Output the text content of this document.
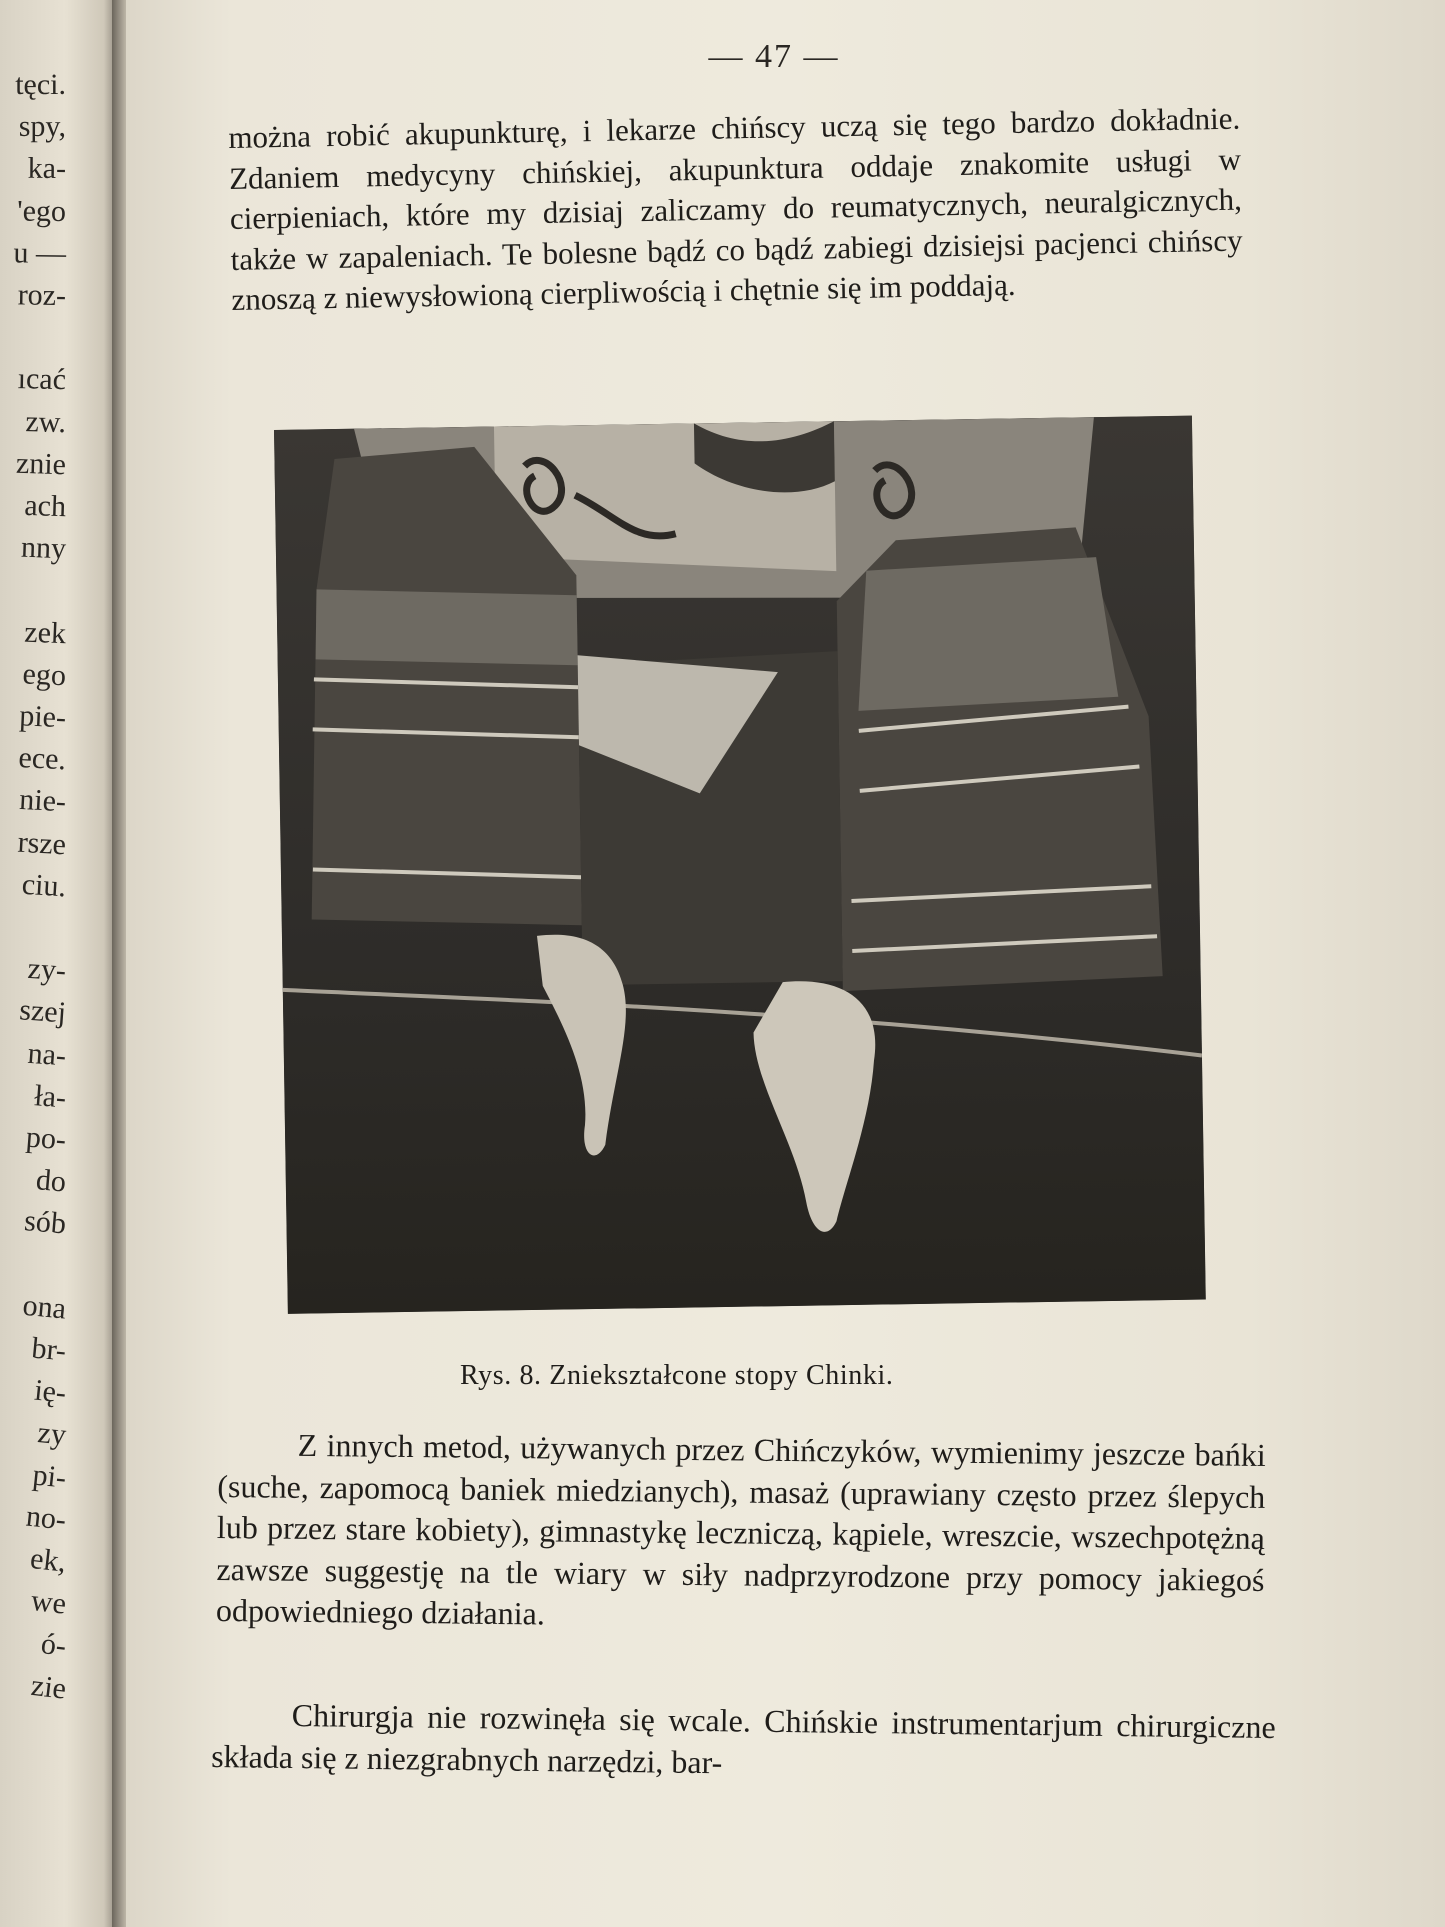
tęci.
spy,
ka-
'ego
u —
roz-
ıcać
zw.
znie
ach
nny
zek
ego
pie-
ece.
nie-
rsze
ciu.
zy-
szej
na-
ła-
po-
do
sób
ona
br-
ię-
zy
pi-
no-
ek,
we
ó-
zie
— 47 —

można robić akupunkturę, i lekarze chińscy uczą się tego bardzo dokładnie. Zdaniem medycyny chińskiej, akupunktura oddaje znakomite usługi w cierpieniach, które my dzisiaj zaliczamy do reumatycznych, neuralgicznych, także w zapaleniach. Te bolesne bądź co bądź zabiegi dzisiejsi pacjenci chińscy znoszą z niewysłowioną cierpliwością i chętnie się im poddają.

Rys. 8. Zniekształcone stopy Chinki.

Z innych metod, używanych przez Chińczyków, wymienimy jeszcze bańki (suche, zapomocą baniek miedzianych), masaż (uprawiany często przez ślepych lub przez stare kobiety), gimnastykę leczniczą, kąpiele, wreszcie, wszechpotężną zawsze suggestję na tle wiary w siły nadprzyrodzone przy pomocy jakiegoś odpowiedniego działania.

Chirurgja nie rozwinęła się wcale. Chińskie instrumentarjum chirurgiczne składa się z niezgrabnych narzędzi, bar-
